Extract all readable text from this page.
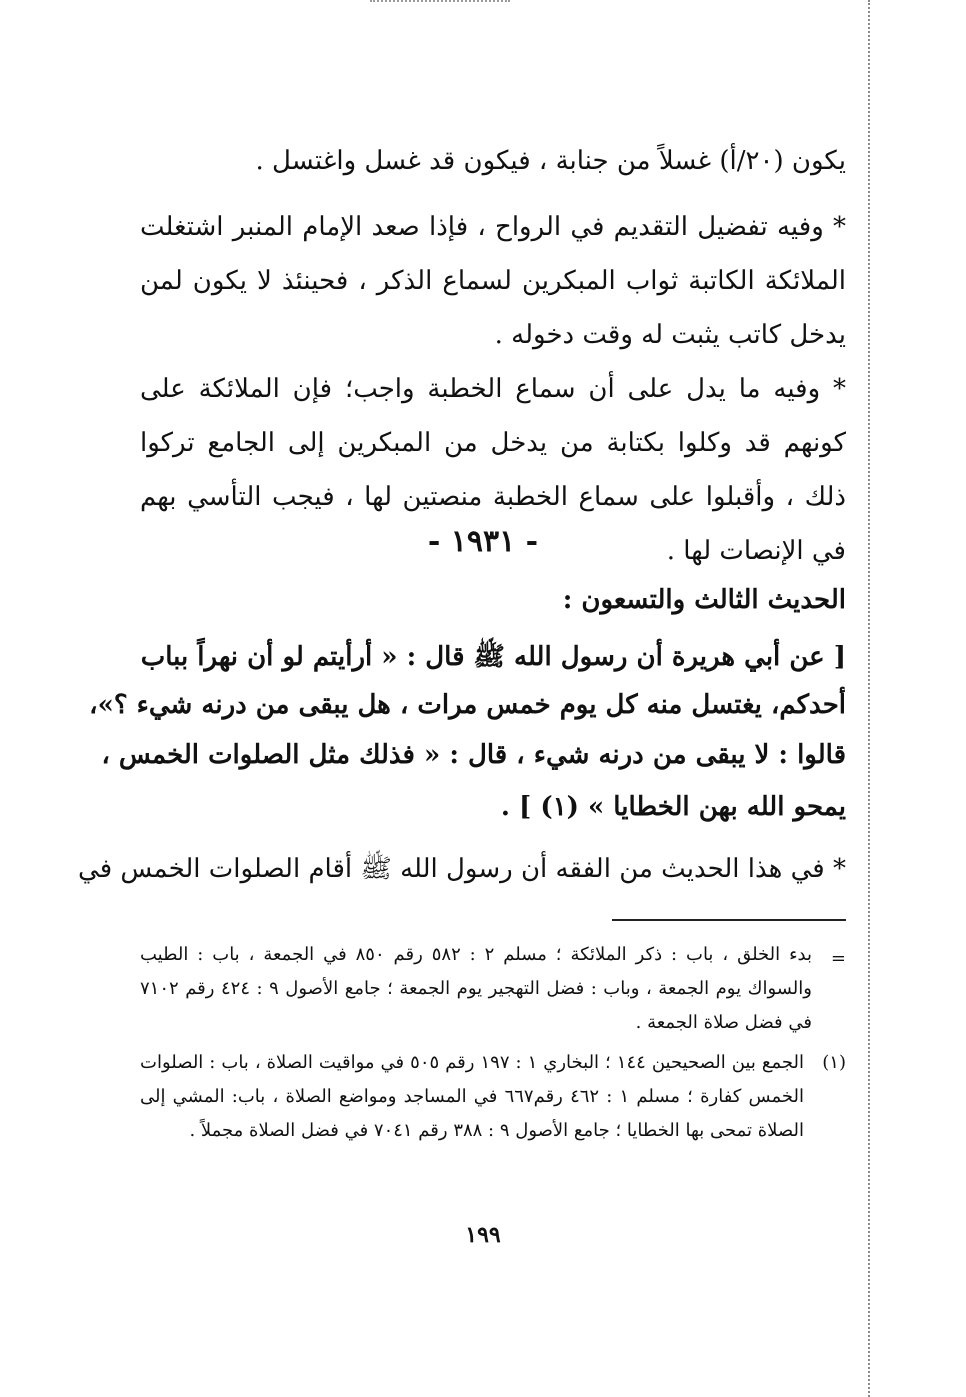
يكون (٢٠/أ) غسلاً من جنابة ، فيكون قد غسل واغتسل .
* وفيه تفضيل التقديم في الرواح ، فإذا صعد الإمام المنبر اشتغلت الملائكة الكاتبة ثواب المبكرين لسماع الذكر ، فحينئذ لا يكون لمن يدخل كاتب يثبت له وقت دخوله .
* وفيه ما يدل على أن سماع الخطبة واجب؛ فإن الملائكة على كونهم قد وكلوا بكتابة من يدخل من المبكرين إلى الجامع تركوا ذلك ، وأقبلوا على سماع الخطبة منصتين لها ، فيجب التأسي بهم في الإنصات لها .
- ١٩٣١ -
الحديث الثالث والتسعون :
[ عن أبي هريرة أن رسول الله ﷺ قال : « أرأيتم لو أن نهراً بباب
أحدكم، يغتسل منه كل يوم خمس مرات ، هل يبقى من درنه شيء ؟»،
قالوا : لا يبقى من درنه شيء ، قال : « فذلك مثل الصلوات الخمس ،
يمحو الله بهن الخطايا » (١) ] .
* في هذا الحديث من الفقه أن رسول الله ﷺ أقام الصلوات الخمس في
=
بدء الخلق ، باب : ذكر الملائكة ؛ مسلم ٢ : ٥٨٢ رقم ٨٥٠ في الجمعة ، باب : الطيب والسواك يوم الجمعة ، وباب : فضل التهجير يوم الجمعة ؛ جامع الأصول ٩ : ٤٢٤ رقم ٧١٠٢ في فضل صلاة الجمعة .
(١)
الجمع بين الصحيحين ١٤٤ ؛ البخاري ١ : ١٩٧ رقم ٥٠٥ في مواقيت الصلاة ، باب : الصلوات الخمس كفارة ؛ مسلم ١ : ٤٦٢ رقم٦٦٧ في المساجد ومواضع الصلاة ، باب: المشي إلى الصلاة تمحى بها الخطايا ؛ جامع الأصول ٩ : ٣٨٨ رقم ٧٠٤١ في فضل الصلاة مجملاً .
١٩٩
